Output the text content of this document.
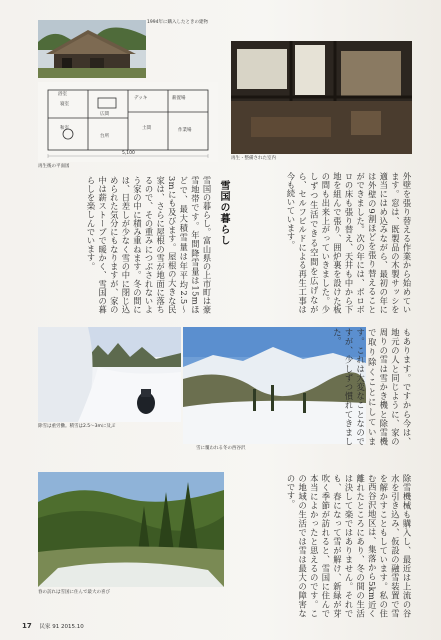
1994年に購入したときの建物
寝室
和室
広間
土間
薪置場
作業場
デッキ
台所
浴室
5,100
再生後の平面図
再生・整備された室内
外壁を張り替える作業から始めています。窓は、既製品の木製サッシを適当にはめ込みながら、最初の年には外壁の9割ほどを張り替えることができました。次の年には、ボロボロの床も張り替え、天井も中から下地を組んで張り、囲炉裏を設けた板の間も出来上がっていきました。少しずつ生活できる空間を広げながら、セルフビルドによる再生工事は今も続いています。
雪国の暮らし
雪国の暮らし。富山県の上市町は豪雪地帯です。年間降雪量は15mほどで、最大積雪量は年平均2.5〜3mにも及びます。屋根の大きな民家は、さらに屋根の雪が地面に落ちるので、その重みにつぶされないよう家の中に積み重ねます。冬の間には、日差しが少なく雪の中に閉じ込められた気分にもなりますが、家の中は薪ストーブで暖かく、雪国の暮らしを楽しんでいます。
除雪は重労働。積雪は2.5〜3mに及ぶ
雪に覆われる冬の西谷沢
もあります。ですから今は、地元の人と同じように、家の周りの雪は雪かき機と除雪機で取り除くことにしています。これは大変なことなのですが、少しずつ慣れてきました。
春の訪れは雪国に住んで最大の喜び	除雪機械も購入し、最近は上流の谷水を引き込み、仮設の融雪装置で雪を解かすこともしています。私の住む西谷沢地区は、集落から5km近く離れたところにあり、冬の間の生活は決して楽ではありません。それでも、春になって雪が解け、新緑が芽吹く季節が訪れると、雪国に住んで本当によかったと思えるのです。この地域の生活では雪は最大の障害なのです。
17 民家 91 2015.10
